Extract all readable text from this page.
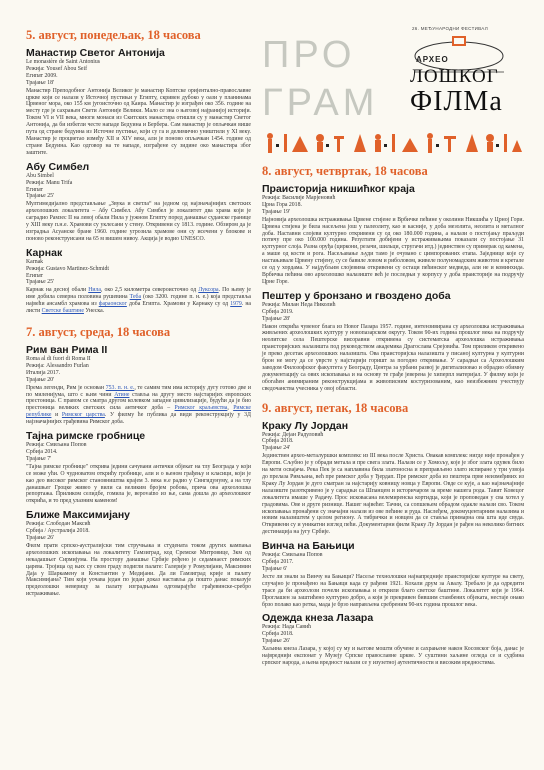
5. август, понедељак, 18 часова
Манастир Светог Антонија
Le monastère de Saint Antonius
Режија: Yousef Abou Seif
Египат 2009.
Трајање 18'
Манастир Преподобног Антонија Великог је манастир Коптске оријентално-православне цркве који се налази у Источној пустињи у Египту, скривен дубоко у оази у планинама Црвеног мора, око 155 км југоисточно од Каира. Манастир је изграђен око 356. године на месту где је сахрањен Свети Антоније Велики. Мало се зна о његовој најранијој историји. Током VI и VII века, многи монаси из Скитских манастира отишли су у манастир Светог Антонија, да би избегли честе нападе Бедуина и Бербера. Сам манастир је опљачкан више пута од стране бедуина из Источне пустиње, који су га и делимично уништили у XI веку. Манастир је процветао између XII и XIV века, али је поново опљачкан 1454. године од стране Бедуина. Као одговор на те нападе, изграђене су зидине око манастира због заштите.
Абу Симбел
Abu Simbel
Режија: Manu Trifa
Египат
Трајање 25'
Мултимедијално представљање „Звука и светла“ на једном од најзначајнијих светских археолошких локалитета – Абу Симбел. Абу Симбел је локалитет два храма који је саградио Рамзес II на левој обали Нила у јужном Египту поред данашње суданске границе у XIII веку п.н.е. Храмови су уклесани у стену. Откривени су 1813. године. Обзиром да је изградња Асуанске бране 1960. године угрозила храмове они су исечени у блокове и поново реконструисани на 65 м вишем нивоу. Акција је водио UNESCO.
Карнак
Karnak
Режија: Gustavo Martinez-Schmidt
Египат
Трајање 25'
Карнак на десној обали Нила, око 2,5 километра североисточно од Луксора. По њему је име добила северна половина рушевина Теба (око 3200. године п. н. е.) која представља највећи ансамбл храмова из фараонског доба Египта. Храмови у Карнаку су од 1979. на листи Светске баштине Унеска.
7. август, среда, 18 часова
Рим ван Рима II
Roma al di fuori di Roma II
Режија: Alessandro Furlan
Италија 2017.
Трајање 20'
Према легенди, Рим је основан 753. п. н. е., те самим тим има историју дугу готово две и по миленијума, што с њим чини Атине ставља на другу место најстаријих европских престоница. С правом се сматра другом колевком западне цивилизације, будући да је био престоница великих светских сила античког доба – Римског краљевства, Римске републике и Римског царства. У филму ће публика да види реконструкцију у 3Д најзначајнијих грађевина Римског доба.
Тајна римске гробнице
Режија: Смиљана Попов
Србија 2014.
Трајање 7'
"Тајна римске гробнице" открива једини сачувани антички објекат на тлу Београда у који се може ући. О чудноватом открићу гробнице, али и о њеном грађењу и класици, који је као део високог римског становништва крајем 3. века н.е радио у Сингидунуму, а на тлу данашњег Гроцке живео у вили са великим бројем робова, прича ова археолошка репортажа. Приликом селидбе, гомила је, верovatno из ње, сама дошла до археолошког открића, и то пред улазним каменом!
Ближе Максимијану
Режија: Слободан Максић
Србија / Аустралија 2018.
Трајање 26'
Филм прати српско-аустралијски тим стручњака и студената током других кампања археолошких ископавања на локалитету Гамзиград, код Сремске Митровице, Зкм од некадашњег Сирмијума. На простору данашње Србије рођено је седамнаест римских царева. Тројица од њих су свом граду подигли палате: Галерије у Ромулијани, Максимин Даја у Шаркамену и Константин у Медијани. Да ли Гамзиград крије и палату Максимијана? Тим који уочава један по један доказ наставља да пошто данас показује предеолошки неверицу за палату изградњама одговарајуће грађевинске-сребро истраживање.
ПРО
ГРАМ
26. МЕЂУНАРОДНИ ФЕСТИВАЛ
АРХЕО
ЛОШКОГ
ФIЛМа
8. август, четвртак, 18 часова
Праисторија никшићког краја
Режија: Василије Марјеновић
Црна Гора 2018.
Трајање 19'
Најновија археолошка истраживања Црвене стијене и Врбичке пећине у околини Никшића у Црној Гори. Црвена стијена је била насељена још у палеолиту, као и касније, у доба мезолита, неолита и металног доба. Наставни слојеви културно откривени су од око 180.000 година, а налази о постојању праљуди потичу пре око 100.000 година. Резултати добијени у истраживањима показали су постојање 31 културног слоја. Разна оруђа (циркони, резачи, шильци, стругачи итд.) јединствен су примерак од камена, а маше од кости и рога. Насељавање људи тамо је очувано с цимпорованих етапа. Заједнице које су настањивале Црвену стијену, су се бавиле ловом и риболовом, живеле полуномадским животом и кретале се од у хордама. У најдубљим слојевима откривени су остаци пећинског медведа, али не и коминхида. Врбичка пећина ово археолошко налазиште већ је последњи у корпусу у доба праисторије на подручју Црне Горе.
Пештер у бронзано и гвоздено доба
Режија: Милан Неда Николић
Србија 2019.
Трајање 28'
Након открића чувеног блага из Новог Пазара 1957. године, интензивирана су археолошка истраживања живљених археолошких културу у новопазарском округу. Током 90-их година прошлог века на подручју неолитске села Пештерске висоравни откривена су систематска археолошка истраживања праисторијских налазишта под руководством академика Драгослава Срејовића. Том приликом откривено је преко десетак археолошких налазишта. Ова праисторијска налазишта у писаној културна у културни брон не могу да се уврсте у најстарији горишт за погодно откривање. У сарадњи са Археолошким заводом Филозофског факултета у Београду, Центра за урбани развој је дигитализовао и обрадио обимну документацију са ових ископавања и на основу те грађе јеверена је хиперпл материјал. У филму који је обогаћен анимираним реконструкцијама и живописним костуризованим, као неизбежним учествују сведочанства учесника у овој области.
9. август, петак, 18 часова
Краку Лу Јордан
Режија: Дејан Радуловић
Србија 2018.
Трајање 24'
Јединствен археo-металуршки комплекс из III века после Христа. Овакав комплекс нигде није пронађен у Европи. Сљубно је у обради метала и пре свега злата. Налази се у Хомољу, које је због злата одувек било на мети освајача. Река Пек је са наплавина била златоносна и преправљено злато испиране у три узвоја до прелаза Римљана, већ пре римског доба у Ђердап. Пре римског доба из пештера прве неизмеђивих из Краку Лу Јордан је дуго сматран за најстарију ковницу новца у Европи. Овде се кује, а као најзначајније налазиште разоткривено је у сарадњи са Шпанцем и историчаром за време нашега рода. Тавит Ковецог локалитета имаше у Радачу. Прос исковасана велемиренска кортидца, који је проповедан у сва хотел у градовима. Ове и друге ризнице. Нашег највећег. Тачни, са сопшењем обрадом одакле налази сво. Током ископавања пронађени су значајни налази из ове пећине и руда. Наслеђем, докомуцентарним налазима и новим налазиштем у целом региону. А тибрички и новцем да се ставља примарна ова шта иде свуда. Откривени су и уникатни изглед пећи. Документарни филм Краку Лу Јордан је рађен на неколико битних дестинација на југу Србије.
Винча на Бањици
Режија: Смиљана Попов
Србија 2017.
Трајање 6'
Јесте ли знали за Винчу на Бањици? Насеље технолошки најнапредније праисторијске културе на свету, случајно је пронађено на Бањици када су рађени 1921. Кохали друм за Авалу. Требало је да одредити трасе да би археолози почели ископавања и открили благо светске баштине. Локалитет који је 1964. Проглашен за заштићено културно добро, а који је прекривен бившим стамбених објеката, нестаје онако брзо полако као ретка, мада је брзо направљена сребреним 90-их година прошлог века.
Одежда кнеза Лазара
Режија: Нада Савић
Србија 2018.
Трајање 26'
Хаљина кнеза Лазара, у којој су му и његове мошти обучене и сахрањене након Косовског боја, данас је највреднији експонат у Музеју Српске православне цркве. У суштини хаљине огледа се и судбина српског народа, а њена вредност налази се у изузетној аутентичности и високим вредностима.
